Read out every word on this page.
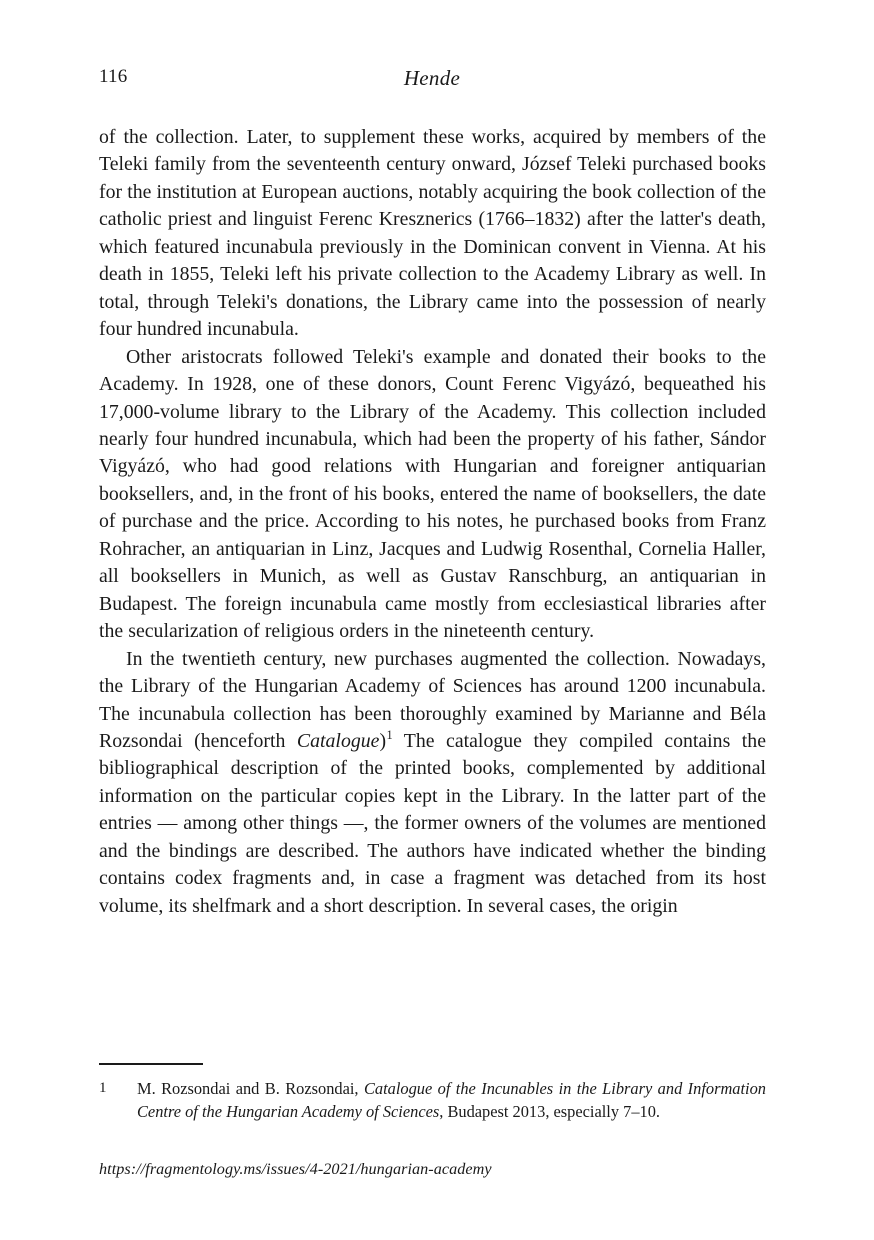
116	Hende

of the collection. Later, to supplement these works, acquired by members of the Teleki family from the seventeenth century onward, József Teleki purchased books for the institution at European auctions, notably acquiring the book collection of the catholic priest and linguist Ferenc Kresznerics (1766–1832) after the latter's death, which featured incunabula previously in the Dominican convent in Vienna. At his death in 1855, Teleki left his private collection to the Academy Library as well. In total, through Teleki's donations, the Library came into the possession of nearly four hundred incunabula.

Other aristocrats followed Teleki's example and donated their books to the Academy. In 1928, one of these donors, Count Ferenc Vigyázó, bequeathed his 17,000-volume library to the Library of the Academy. This collection included nearly four hundred incunabula, which had been the property of his father, Sándor Vigyázó, who had good relations with Hungarian and foreigner antiquarian booksellers, and, in the front of his books, entered the name of booksellers, the date of purchase and the price. According to his notes, he purchased books from Franz Rohracher, an antiquarian in Linz, Jacques and Ludwig Rosenthal, Cornelia Haller, all booksellers in Munich, as well as Gustav Ranschburg, an antiquarian in Budapest. The foreign incunabula came mostly from ecclesiastical libraries after the secularization of religious orders in the nineteenth century.

In the twentieth century, new purchases augmented the collection. Nowadays, the Library of the Hungarian Academy of Sciences has around 1200 incunabula. The incunabula collection has been thoroughly examined by Marianne and Béla Rozsondai (henceforth Catalogue)$^1$ The catalogue they compiled contains the bibliographical description of the printed books, complemented by additional information on the particular copies kept in the Library. In the latter part of the entries — among other things —, the former owners of the volumes are mentioned and the bindings are described. The authors have indicated whether the binding contains codex fragments and, in case a fragment was detached from its host volume, its shelfmark and a short description. In several cases, the origin

1	M. Rozsondai and B. Rozsondai, Catalogue of the Incunables in the Library and Information Centre of the Hungarian Academy of Sciences, Budapest 2013, especially 7–10.
https://fragmentology.ms/issues/4-2021/hungarian-academy
